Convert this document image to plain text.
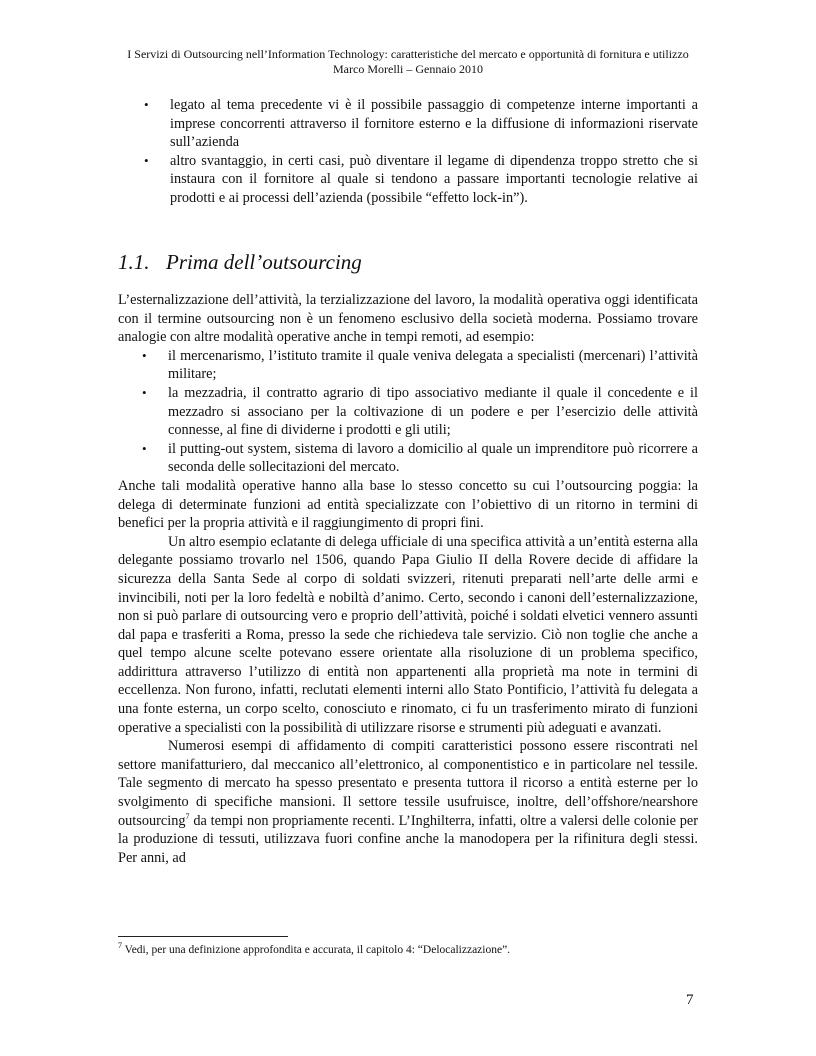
I Servizi di Outsourcing nell’Information Technology: caratteristiche del mercato e opportunità di fornitura e utilizzo
Marco Morelli – Gennaio 2010
• legato al tema precedente vi è il possibile passaggio di competenze interne importanti a imprese concorrenti attraverso il fornitore esterno e la diffusione di informazioni riservate sull’azienda
• altro svantaggio, in certi casi, può diventare il legame di dipendenza troppo stretto che si instaura con il fornitore al quale si tendono a passare importanti tecnologie relative ai prodotti e ai processi dell’azienda (possibile “effetto lock-in”).
1.1. Prima dell’outsourcing

L’esternalizzazione dell’attività, la terzializzazione del lavoro, la modalità operativa oggi identificata con il termine outsourcing non è un fenomeno esclusivo della società moderna. Possiamo trovare analogie con altre modalità operative anche in tempi remoti, ad esempio:

• il mercenarismo, l’istituto tramite il quale veniva delegata a specialisti (mercenari) l’attività militare;
• la mezzadria, il contratto agrario di tipo associativo mediante il quale il concedente e il mezzadro si associano per la coltivazione di un podere e per l’esercizio delle attività connesse, al fine di dividerne i prodotti e gli utili;
• il putting-out system, sistema di lavoro a domicilio al quale un imprenditore può ricorrere a seconda delle sollecitazioni del mercato.

Anche tali modalità operative hanno alla base lo stesso concetto su cui l’outsourcing poggia: la delega di determinate funzioni ad entità specializzate con l’obiettivo di un ritorno in termini di benefici per la propria attività e il raggiungimento di propri fini.

Un altro esempio eclatante di delega ufficiale di una specifica attività a un’entità esterna alla delegante possiamo trovarlo nel 1506, quando Papa Giulio II della Rovere decide di affidare la sicurezza della Santa Sede al corpo di soldati svizzeri, ritenuti preparati nell’arte delle armi e invincibili, noti per la loro fedeltà e nobiltà d’animo. Certo, secondo i canoni dell’esternalizzazione, non si può parlare di outsourcing vero e proprio dell’attività, poiché i soldati elvetici vennero assunti dal papa e trasferiti a Roma, presso la sede che richiedeva tale servizio. Ciò non toglie che anche a quel tempo alcune scelte potevano essere orientate alla risoluzione di un problema specifico, addirittura attraverso l’utilizzo di entità non appartenenti alla proprietà ma note in termini di eccellenza. Non furono, infatti, reclutati elementi interni allo Stato Pontificio, l’attività fu delegata a una fonte esterna, un corpo scelto, conosciuto e rinomato, ci fu un trasferimento mirato di funzioni operative a specialisti con la possibilità di utilizzare risorse e strumenti più adeguati e avanzati.

Numerosi esempi di affidamento di compiti caratteristici possono essere riscontrati nel settore manifatturiero, dal meccanico all’elettronico, al componentistico e in particolare nel tessile. Tale segmento di mercato ha spesso presentato e presenta tuttora il ricorso a entità esterne per lo svolgimento di specifiche mansioni. Il settore tessile usufruisce, inoltre, dell’offshore/nearshore outsourcing$^7$ da tempi non propriamente recenti. L’Inghilterra, infatti, oltre a valersi delle colonie per la produzione di tessuti, utilizzava fuori confine anche la manodopera per la rifinitura degli stessi. Per anni, ad

$^7$ Vedi, per una definizione approfondita e accurata, il capitolo 4: “Delocalizzazione”.
7
